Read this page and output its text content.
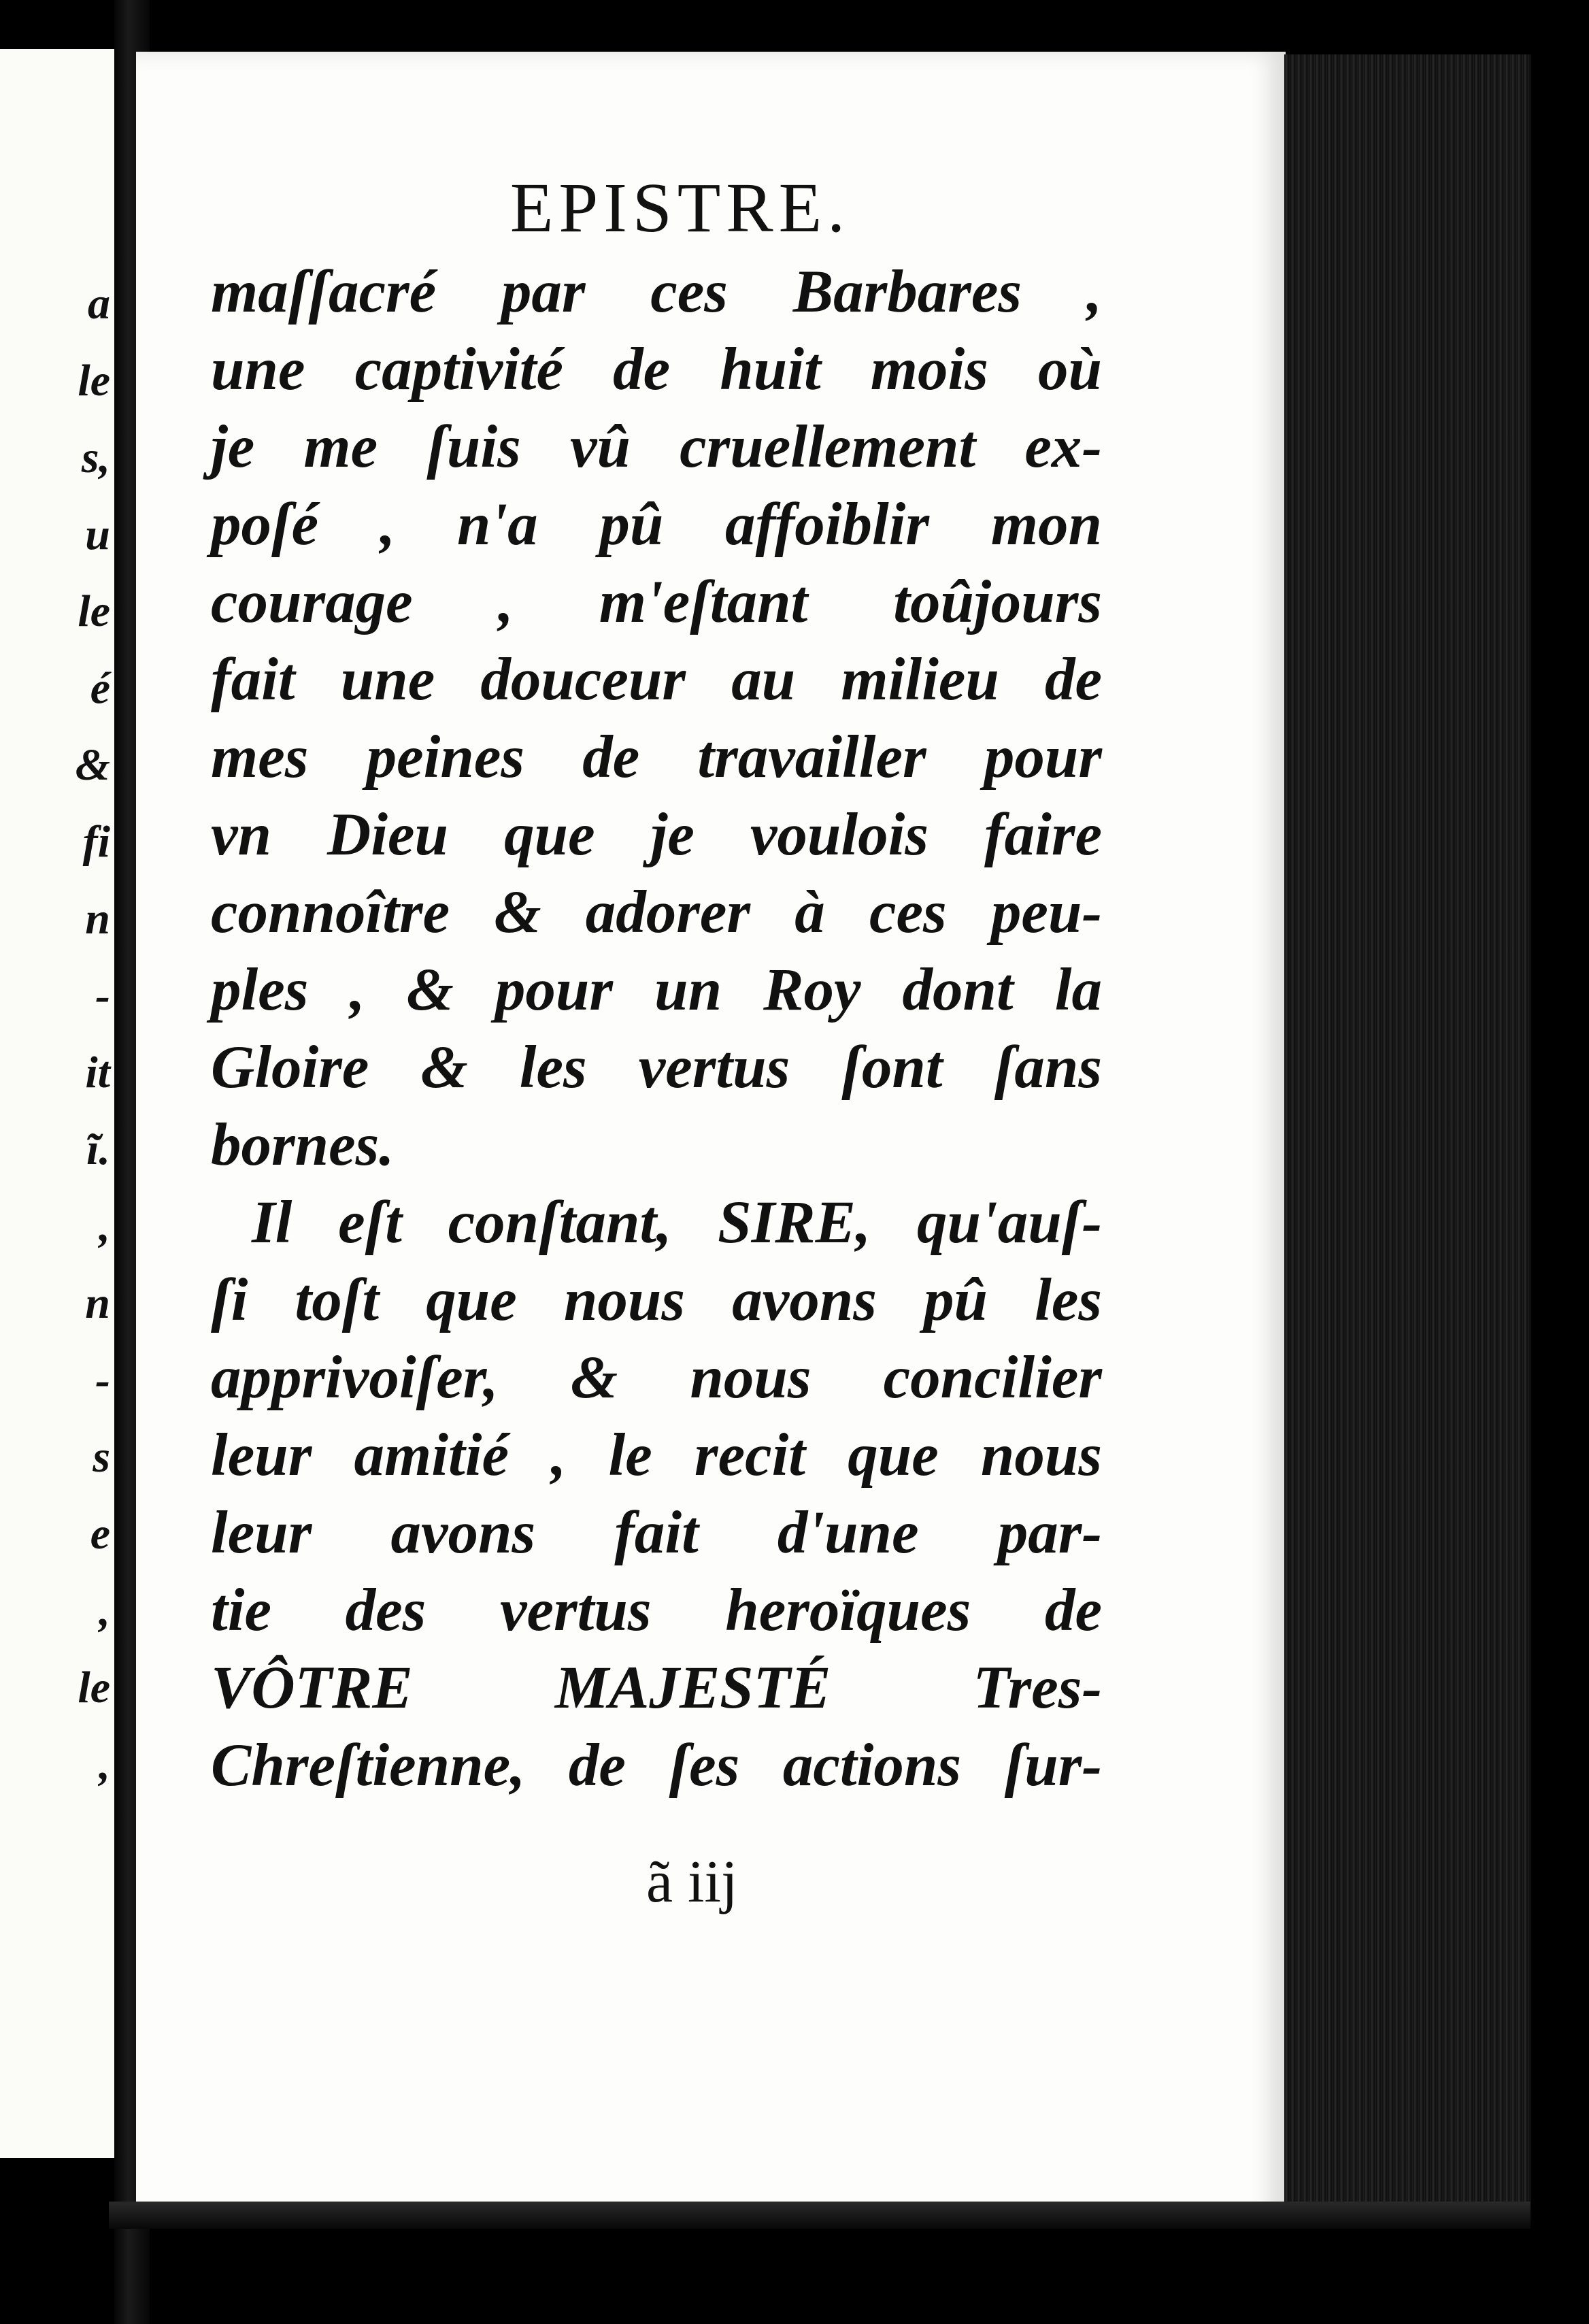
a
le
s,
u
le
é
&
fi
n
-
it
ĩ.
,
n
-
s
e
,
le
,
EPISTRE.
maſſacré par ces Barbares ,
une captivité de huit mois où
je me ſuis vû cruellement ex-
poſé , n'a pû affoiblir mon
courage , m'eſtant toûjours
fait une douceur au milieu de
mes peines de travailler pour
vn Dieu que je voulois faire
connoître & adorer à ces peu-
ples , & pour un Roy dont la
Gloire & les vertus ſont ſans
bornes.
Il eſt conſtant, SIRE, qu'auſ-
ſi toſt que nous avons pû les
apprivoiſer, & nous concilier
leur amitié , le recit que nous
leur avons fait d'une par-
tie des vertus heroïques de
VÔTRE MAJESTÉ Tres-
Chreſtienne, de ſes actions ſur-
ã iij
